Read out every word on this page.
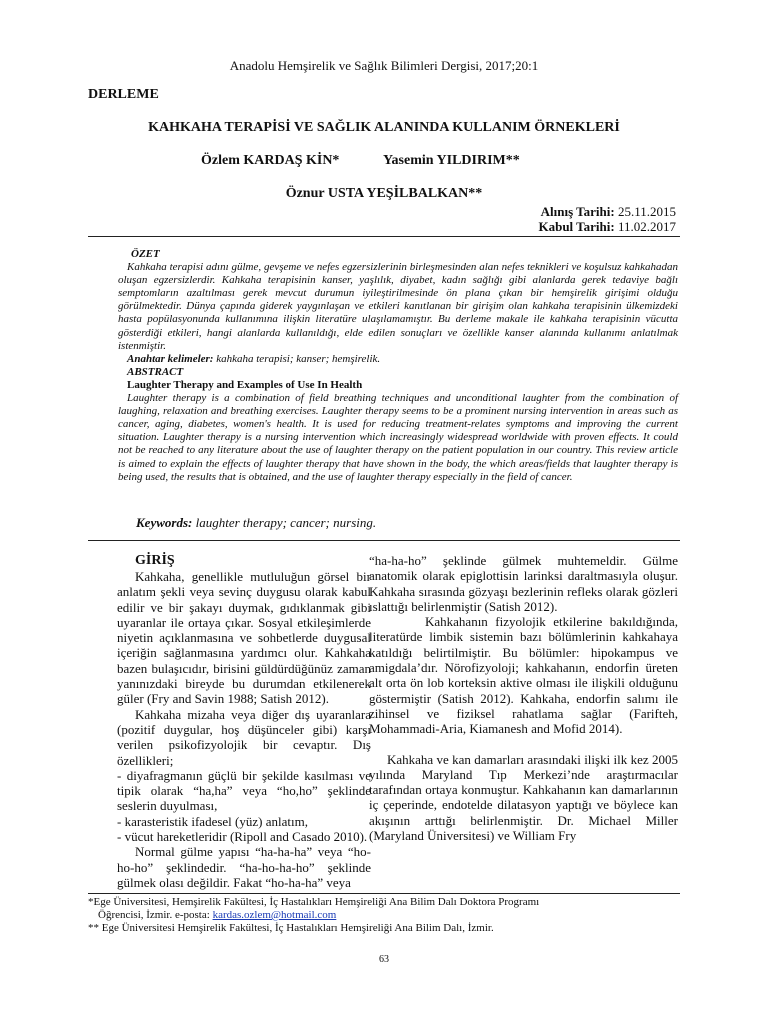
Anadolu Hemşirelik ve Sağlık Bilimleri Dergisi, 2017;20:1
DERLEME
KAHKAHA TERAPİSİ VE SAĞLIK ALANINDA KULLANIM ÖRNEKLERİ
Özlem KARDAŞ KİN*	Yasemin YILDIRIM**
Öznur USTA YEŞİLBALKAN**
Alınış Tarihi: 25.11.2015
Kabul Tarihi: 11.02.2017
ÖZET

Kahkaha terapisi adını gülme, gevşeme ve nefes egzersizlerinin birleşmesinden alan nefes teknikleri ve koşulsuz kahkahadan oluşan egzersizlerdir. Kahkaha terapisinin kanser, yaşlılık, diyabet, kadın sağlığı gibi alanlarda gerek tedaviye bağlı semptomların azaltılması gerek mevcut durumun iyileştirilmesinde ön plana çıkan bir hemşirelik girişimi olduğu görülmektedir. Dünya çapında giderek yaygınlaşan ve etkileri kanıtlanan bir girişim olan kahkaha terapisinin ülkemizdeki hasta popülasyonunda kullanımına ilişkin literatüre ulaşılamamıştır. Bu derleme makale ile kahkaha terapisinin vücutta gösterdiği etkileri, hangi alanlarda kullanıldığı, elde edilen sonuçları ve özellikle kanser alanında kullanımı anlatılmak istenmiştir.

Anahtar kelimeler: kahkaha terapisi; kanser; hemşirelik.
ABSTRACT
Laughter Therapy and Examples of Use In Health

Laughter therapy is a combination of field breathing techniques and unconditional laughter from the combination of laughing, relaxation and breathing exercises. Laughter therapy seems to be a prominent nursing intervention in areas such as cancer, aging, diabetes, women's health. It is used for reducing treatment-relates symptoms and improving the current situation. Laughter therapy is a nursing intervention which increasingly widespread worldwide with proven effects. It could not be reached to any literature about the use of laughter therapy on the patient population in our country. This review article is aimed to explain the effects of laughter therapy that have shown in the body, the which areas/fields that laughter therapy is being used, the results that is obtained, and the use of laughter therapy especially in the field of cancer.

Keywords: laughter therapy; cancer; nursing.
GİRİŞ

Kahkaha, genellikle mutluluğun görsel bir anlatım şekli veya sevinç duygusu olarak kabul edilir ve bir şakayı duymak, gıdıklanmak gibi uyaranlar ile ortaya çıkar. Sosyal etkileşimlerde niyetin açıklanmasına ve sohbetlerde duygusal içeriğin sağlanmasına yardımcı olur. Kahkaha bazen bulaşıcıdır, birisini güldürdüğünüz zaman yanınızdaki bireyde bu durumdan etkilenerek güler (Fry and Savin 1988; Satish 2012).

Kahkaha mizaha veya diğer dış uyaranlara (pozitif duygular, hoş düşünceler gibi) karşı verilen psikofizyolojik bir cevaptır. Dış özellikleri;

- diyafragmanın güçlü bir şekilde kasılması ve tipik olarak “ha,ha” veya “ho,ho” şeklinde seslerin duyulması,

- karasteristik ifadesel (yüz) anlatım,

- vücut hareketleridir (Ripoll and Casado 2010).

Normal gülme yapısı “ha-ha-ha” veya “ho-ho-ho” şeklindedir. “ha-ho-ha-ho” şeklinde gülmek olası değildir. Fakat “ho-ha-ha” veya

“ha-ha-ho” şeklinde gülmek muhtemeldir. Gülme anatomik olarak epiglottisin larinksi daraltmasıyla oluşur. Kahkaha sırasında gözyaşı bezlerinin refleks olarak gözleri ıslattığı belirlenmiştir (Satish 2012).

Kahkahanın fizyolojik etkilerine bakıldığında, literatürde limbik sistemin bazı bölümlerinin kahkahaya katıldığı belirtilmiştir. Bu bölümler: hipokampus ve amigdala’dır. Nörofizyoloji; kahkahanın, endorfin üreten alt orta ön lob korteksin aktive olması ile ilişkili olduğunu göstermiştir (Satish 2012). Kahkaha, endorfin salımı ile zihinsel ve fiziksel rahatlama sağlar (Farifteh, Mohammadi-Aria, Kiamanesh and Mofid 2014).

Kahkaha ve kan damarları arasındaki ilişki ilk kez 2005 yılında Maryland Tıp Merkezi’nde araştırmacılar tarafından ortaya konmuştur. Kahkahanın kan damarlarının iç çeperinde, endotelde dilatasyon yaptığı ve böylece kan akışının arttığı belirlenmiştir. Dr. Michael Miller (Maryland Üniversitesi) ve William Fry

*Ege Üniversitesi, Hemşirelik Fakültesi, İç Hastalıkları Hemşireliği Ana Bilim Dalı Doktora Programı
Öğrencisi, İzmir. e-posta: kardas.ozlem@hotmail.com
** Ege Üniversitesi Hemşirelik Fakültesi, İç Hastalıkları Hemşireliği Ana Bilim Dalı, İzmir.
63
